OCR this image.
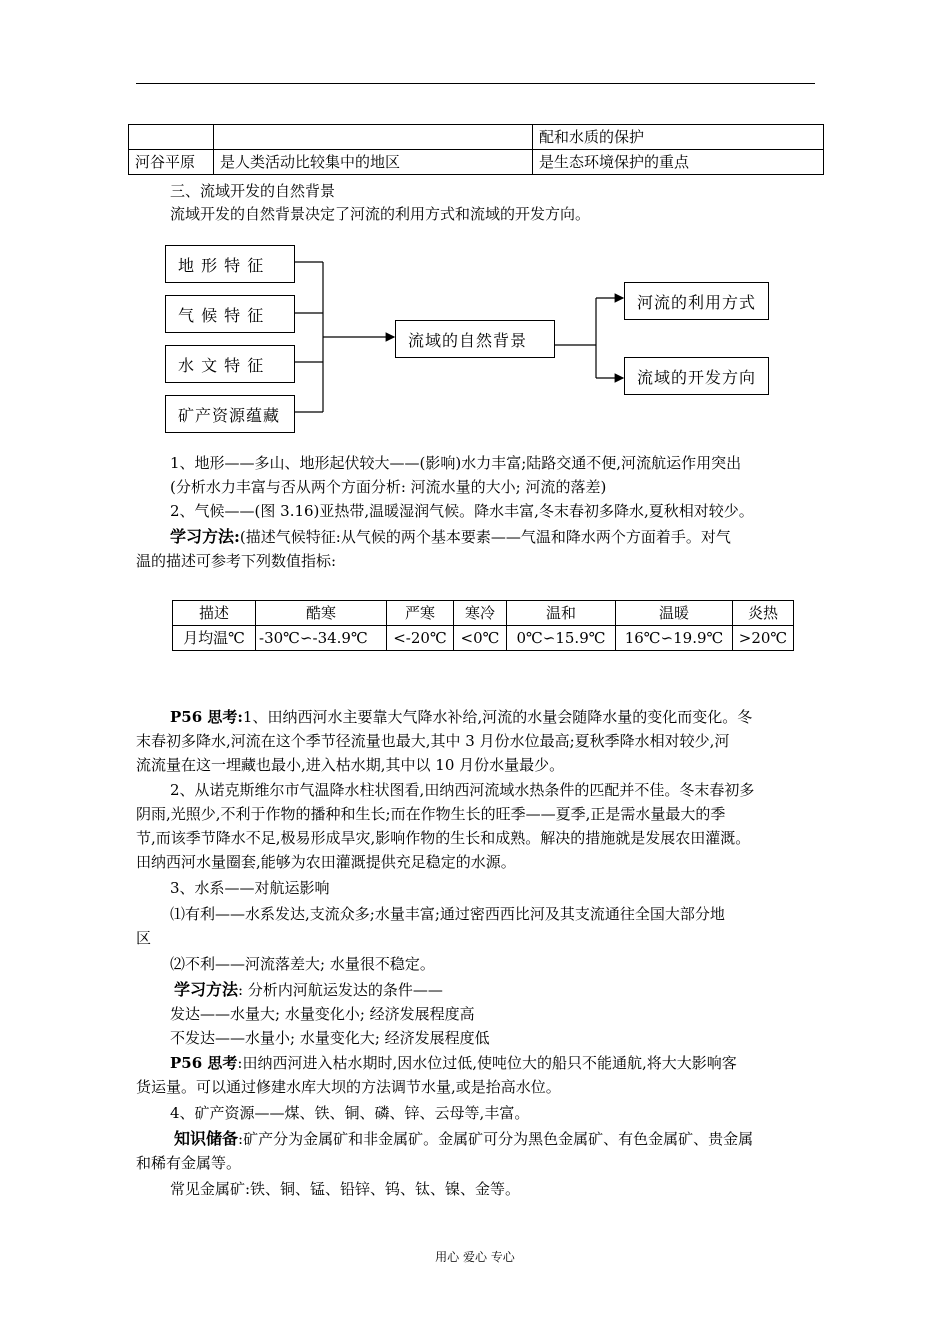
		配和水质的保护
河谷平原	是人类活动比较集中的地区	是生态环境保护的重点
三、流域开发的自然背景
流域开发的自然背景决定了河流的利用方式和流域的开发方向。
地 形 特 征
气 候 特 征
水 文 特 征
矿产资源蕴藏
流域的自然背景
河流的利用方式
流域的开发方向
1、地形——多山、地形起伏较大——(影响)水力丰富;陆路交通不便,河流航运作用突出
(分析水力丰富与否从两个方面分析: 河流水量的大小; 河流的落差)
2、气候——(图 3.16)亚热带,温暖湿润气候。降水丰富,冬末春初多降水,夏秋相对较少。
学习方法:(描述气候特征:从气候的两个基本要素——气温和降水两个方面着手。对气
温的描述可参考下列数值指标:
描述	酷寒	严寒	寒冷	温和	温暖	炎热
月均温℃	-30℃∽-34.9℃	<-20℃	<0℃	0℃∽15.9℃	16℃∽19.9℃	>20℃
P56 思考:1、田纳西河水主要靠大气降水补给,河流的水量会随降水量的变化而变化。冬
末春初多降水,河流在这个季节径流量也最大,其中 3 月份水位最高;夏秋季降水相对较少,河
流流量在这一埋藏也最小,进入枯水期,其中以 10 月份水量最少。
2、从诺克斯维尔市气温降水柱状图看,田纳西河流域水热条件的匹配并不佳。冬末春初多
阴雨,光照少,不利于作物的播种和生长;而在作物生长的旺季——夏季,正是需水量最大的季
节,而该季节降水不足,极易形成旱灾,影响作物的生长和成熟。解决的措施就是发展农田灌溉。
田纳西河水量圈套,能够为农田灌溉提供充足稳定的水源。
3、水系——对航运影响
⑴有利——水系发达,支流众多;水量丰富;通过密西西比河及其支流通往全国大部分地
区
⑵不利——河流落差大; 水量很不稳定。
学习方法: 分析内河航运发达的条件——
发达——水量大; 水量变化小; 经济发展程度高
不发达——水量小; 水量变化大; 经济发展程度低
P56 思考:田纳西河进入枯水期时,因水位过低,使吨位大的船只不能通航,将大大影响客
货运量。可以通过修建水库大坝的方法调节水量,或是抬高水位。
4、矿产资源——煤、铁、铜、磷、锌、云母等,丰富。
知识储备:矿产分为金属矿和非金属矿。金属矿可分为黑色金属矿、有色金属矿、贵金属
和稀有金属等。
常见金属矿:铁、铜、锰、铅锌、钨、钛、镍、金等。
用心 爱心 专心
